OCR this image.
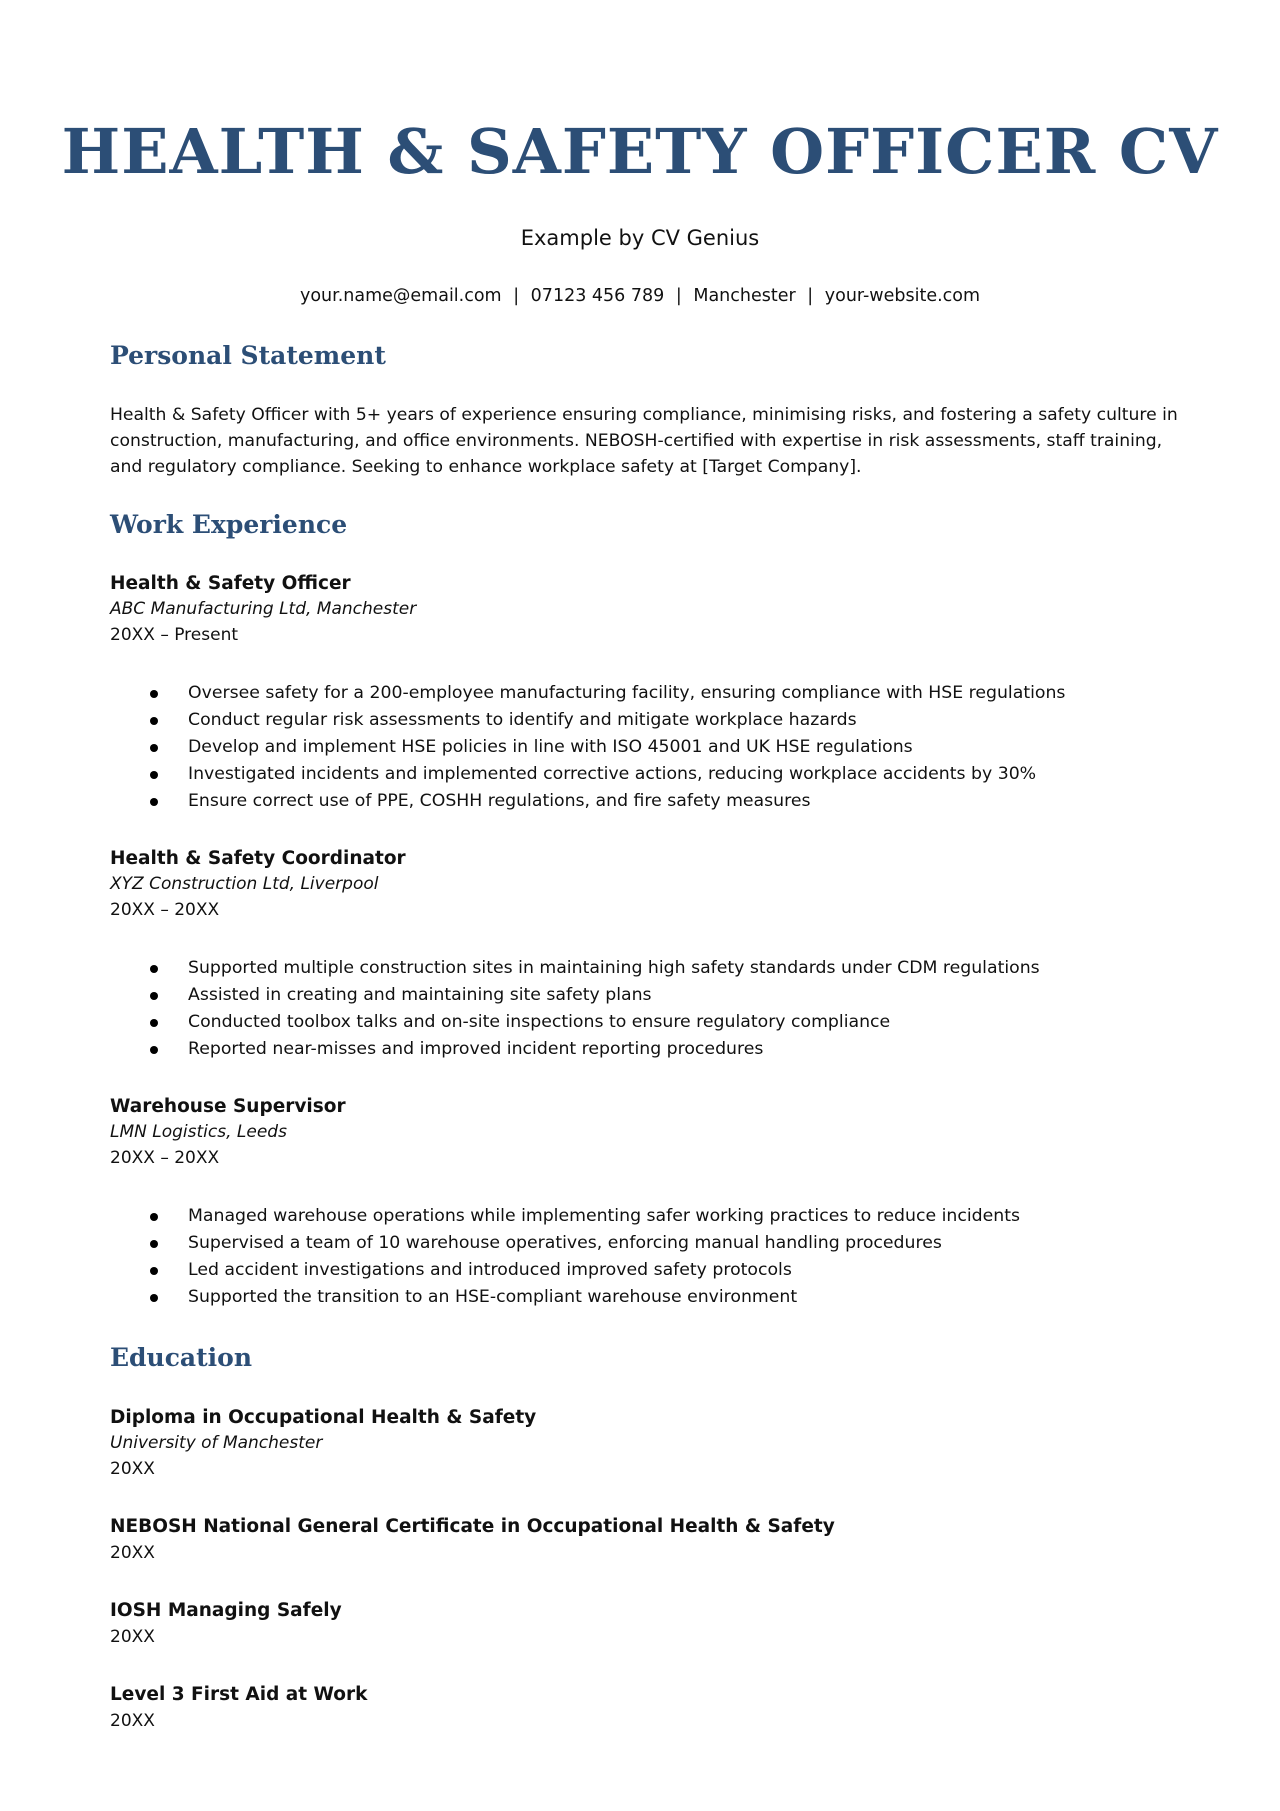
HEALTH & SAFETY OFFICER CV
Example by CV Genius
your.name@email.com | 07123 456 789 | Manchester | your-website.com
Personal Statement
Health & Safety Officer with 5+ years of experience ensuring compliance, minimising risks, and fostering a safety culture in
construction, manufacturing, and office environments. NEBOSH-certified with expertise in risk assessments, staff training,
and regulatory compliance. Seeking to enhance workplace safety at [Target Company].
Work Experience
Health & Safety Officer
ABC Manufacturing Ltd, Manchester
20XX – Present
Oversee safety for a 200-employee manufacturing facility, ensuring compliance with HSE regulations
Conduct regular risk assessments to identify and mitigate workplace hazards
Develop and implement HSE policies in line with ISO 45001 and UK HSE regulations
Investigated incidents and implemented corrective actions, reducing workplace accidents by 30%
Ensure correct use of PPE, COSHH regulations, and fire safety measures
Health & Safety Coordinator
XYZ Construction Ltd, Liverpool
20XX – 20XX
Supported multiple construction sites in maintaining high safety standards under CDM regulations
Assisted in creating and maintaining site safety plans
Conducted toolbox talks and on-site inspections to ensure regulatory compliance
Reported near-misses and improved incident reporting procedures
Warehouse Supervisor
LMN Logistics, Leeds
20XX – 20XX
Managed warehouse operations while implementing safer working practices to reduce incidents
Supervised a team of 10 warehouse operatives, enforcing manual handling procedures
Led accident investigations and introduced improved safety protocols
Supported the transition to an HSE-compliant warehouse environment
Education
Diploma in Occupational Health & Safety
University of Manchester
20XX
NEBOSH National General Certificate in Occupational Health & Safety
20XX
IOSH Managing Safely
20XX
Level 3 First Aid at Work
20XX
